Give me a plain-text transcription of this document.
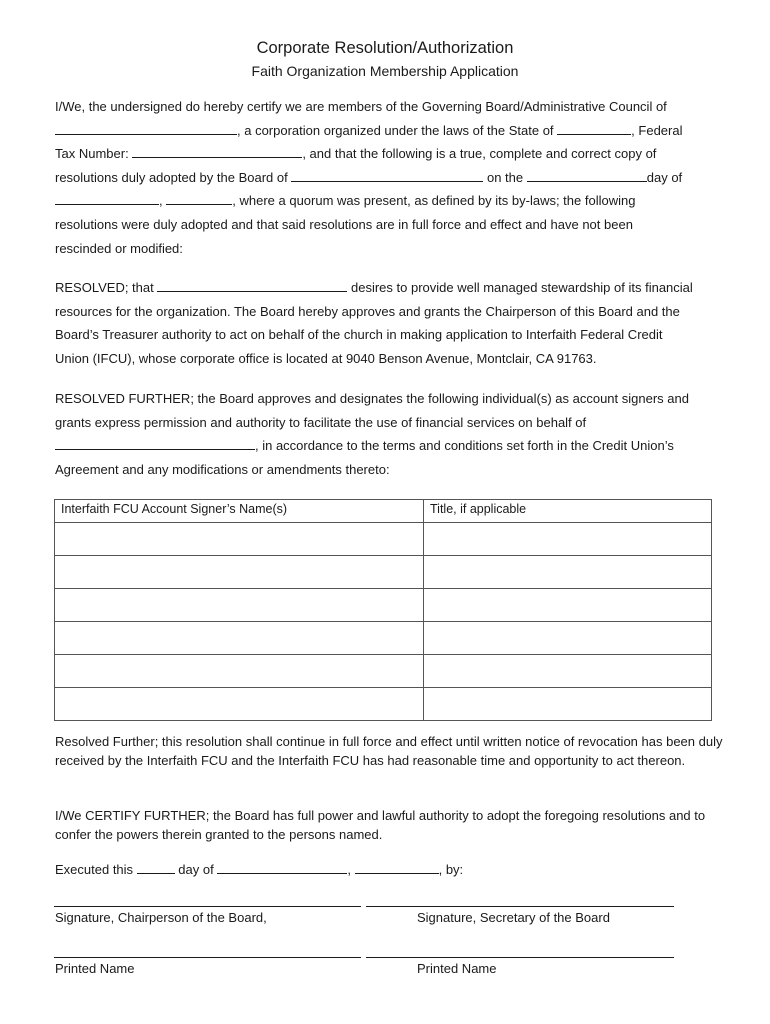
Corporate Resolution/Authorization
Faith Organization Membership Application
I/We, the undersigned do hereby certify we are members of the Governing Board/Administrative Council of
, a corporation organized under the laws of the State of	, Federal
Tax Number:	, and that the following is a true, complete and correct copy of
resolutions duly adopted by the Board of	on the	day of
,	, where a quorum was present, as defined by its by-laws; the following
resolutions were duly adopted and that said resolutions are in full force and effect and have not been
rescinded or modified:
RESOLVED; that	desires to provide well managed stewardship of its financial
resources for the organization. The Board hereby approves and grants the Chairperson of this Board and the
Board’s Treasurer authority to act on behalf of the church in making application to Interfaith Federal Credit
Union (IFCU), whose corporate office is located at 9040 Benson Avenue, Montclair, CA 91763.
RESOLVED FURTHER; the Board approves and designates the following individual(s) as account signers and
grants express permission and authority to facilitate the use of financial services on behalf of
, in accordance to the terms and conditions set forth in the Credit Union’s
Agreement and any modifications or amendments thereto:
Interfaith FCU Account Signer’s Name(s)	Title, if applicable

Resolved Further; this resolution shall continue in full force and effect until written notice of revocation has been duly received by the Interfaith FCU and the Interfaith FCU has had reasonable time and opportunity to act thereon.
I/We CERTIFY FURTHER; the Board has full power and lawful authority to adopt the foregoing resolutions and to confer the powers therein granted to the persons named.
Executed this	day of	,	, by:
Signature, Chairperson of the Board,	Signature, Secretary of the Board
Printed Name	Printed Name
